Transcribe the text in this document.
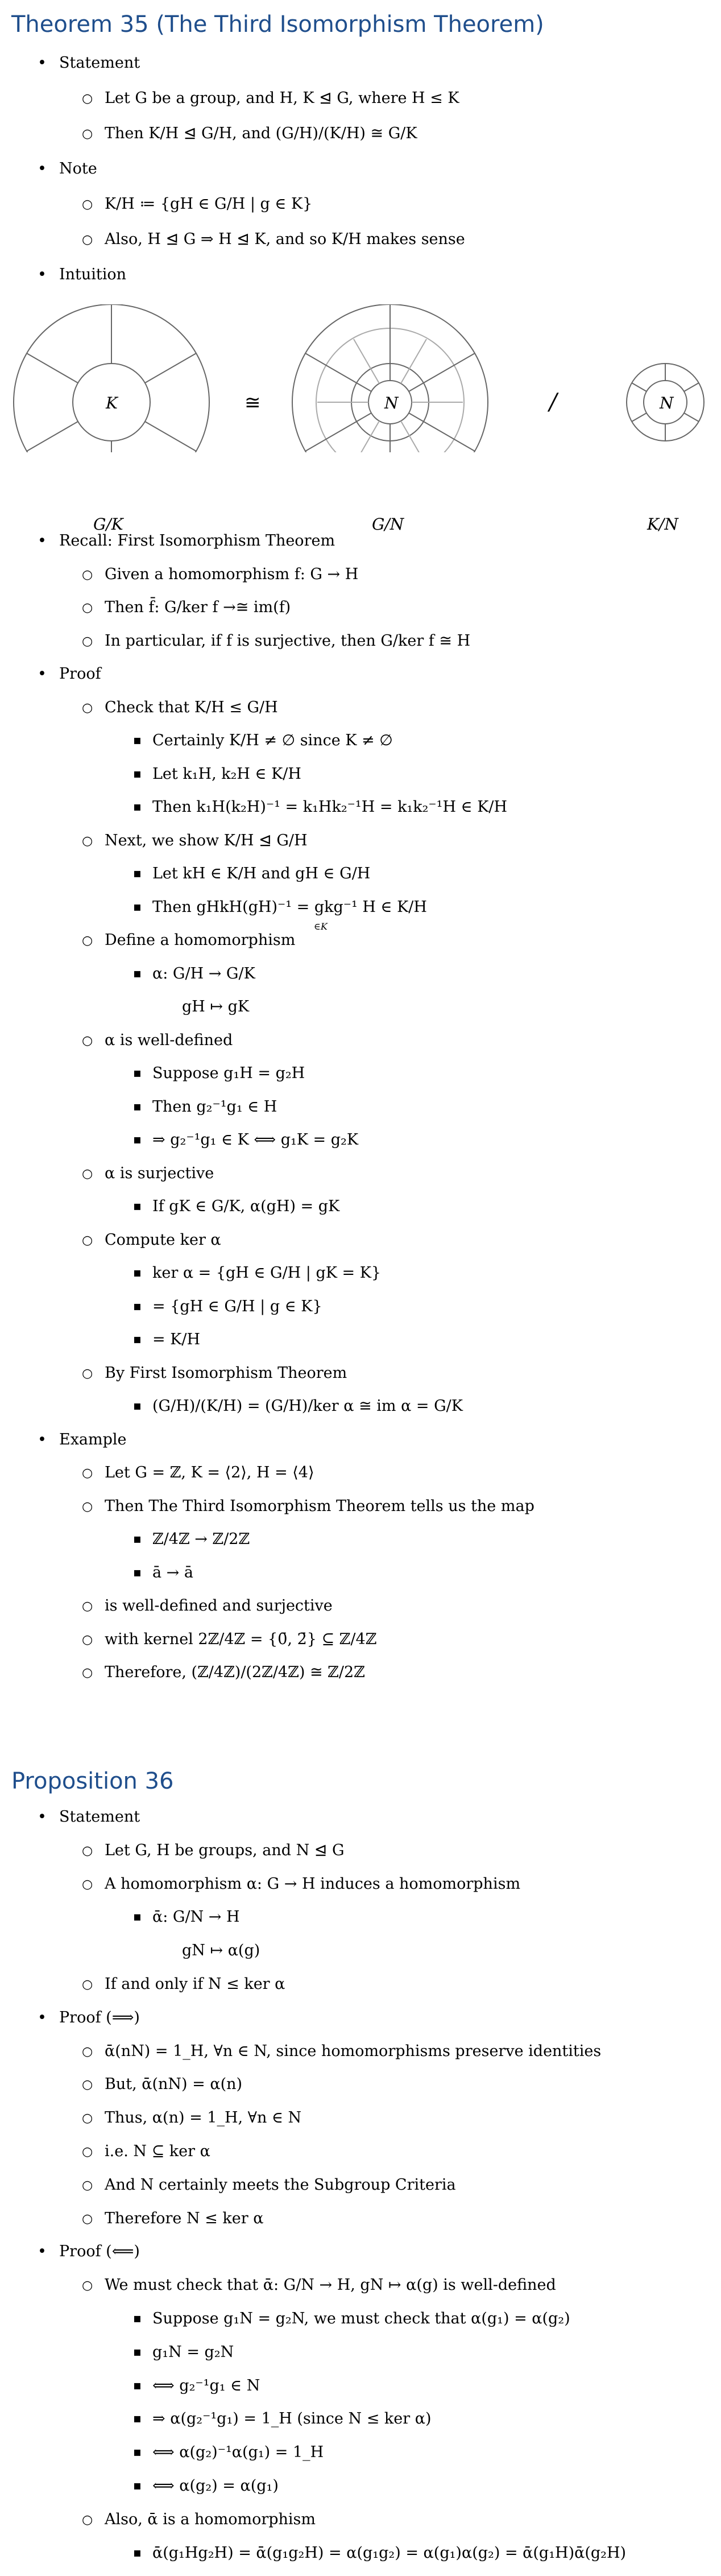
Theorem 35 (The Third Isomorphism Theorem)
• Statement
○ Let G be a group, and H, K ⊴ G, where H ≤ K
○ Then K/H ⊴ G/H, and (G/H)/(K/H) ≅ G/K
• Note
○ K/H ≔ {gH ∈ G/H | g ∈ K}
○ Also, H ⊴ G ⇒ H ⊴ K, and so K/H makes sense
• Intuition
K	≅	N	/	N
G/K	G/N	K/N
• Recall: First Isomorphism Theorem
○ Given a homomorphism f: G → H
○ Then f̄: G/ker f →≅ im(f)
○ In particular, if f is surjective, then G/ker f ≅ H
• Proof
○ Check that K/H ≤ G/H
▪ Certainly K/H ≠ ∅ since K ≠ ∅
▪ Let k₁H, k₂H ∈ K/H
▪ Then k₁H(k₂H)⁻¹ = k₁Hk₂⁻¹H = k₁k₂⁻¹H ∈ K/H
○ Next, we show K/H ⊴ G/H
▪ Let kH ∈ K/H and gH ∈ G/H
▪ Then gHkH(gH)⁻¹ = gkg⁻¹ H ∈ K/H
∈K
○ Define a homomorphism
▪ α: G/H → G/K
gH ↦ gK
○ α is well-defined
▪ Suppose g₁H = g₂H
▪ Then g₂⁻¹g₁ ∈ H
▪ ⇒ g₂⁻¹g₁ ∈ K ⟺ g₁K = g₂K
○ α is surjective
▪ If gK ∈ G/K, α(gH) = gK
○ Compute ker α
▪ ker α = {gH ∈ G/H | gK = K}
▪ = {gH ∈ G/H | g ∈ K}
▪ = K/H
○ By First Isomorphism Theorem
▪ (G/H)/(K/H) = (G/H)/ker α ≅ im α = G/K
• Example
○ Let G = ℤ, K = ⟨2⟩, H = ⟨4⟩
○ Then The Third Isomorphism Theorem tells us the map
▪ ℤ/4ℤ → ℤ/2ℤ
▪ ā → ā
○ is well-defined and surjective
○ with kernel 2ℤ/4ℤ = {0̄, 2̄} ⊆ ℤ/4ℤ
○ Therefore, (ℤ/4ℤ)/(2ℤ/4ℤ) ≅ ℤ/2ℤ
Proposition 36
• Statement
○ Let G, H be groups, and N ⊴ G
○ A homomorphism α: G → H induces a homomorphism
▪ ᾱ: G/N → H
gN ↦ α(g)
○ If and only if N ≤ ker α
• Proof (⟹)
○ ᾱ(nN) = 1_H, ∀n ∈ N, since homomorphisms preserve identities
○ But, ᾱ(nN) = α(n)
○ Thus, α(n) = 1_H, ∀n ∈ N
○ i.e. N ⊆ ker α
○ And N certainly meets the Subgroup Criteria
○ Therefore N ≤ ker α
• Proof (⟸)
○ We must check that ᾱ: G/N → H, gN ↦ α(g) is well-defined
▪ Suppose g₁N = g₂N, we must check that α(g₁) = α(g₂)
▪ g₁N = g₂N
▪ ⟺ g₂⁻¹g₁ ∈ N
▪ ⇒ α(g₂⁻¹g₁) = 1_H (since N ≤ ker α)
▪ ⟺ α(g₂)⁻¹α(g₁) = 1_H
▪ ⟺ α(g₂) = α(g₁)
○ Also, ᾱ is a homomorphism
▪ ᾱ(g₁Hg₂H) = ᾱ(g₁g₂H) = α(g₁g₂) = α(g₁)α(g₂) = ᾱ(g₁H)ᾱ(g₂H)
